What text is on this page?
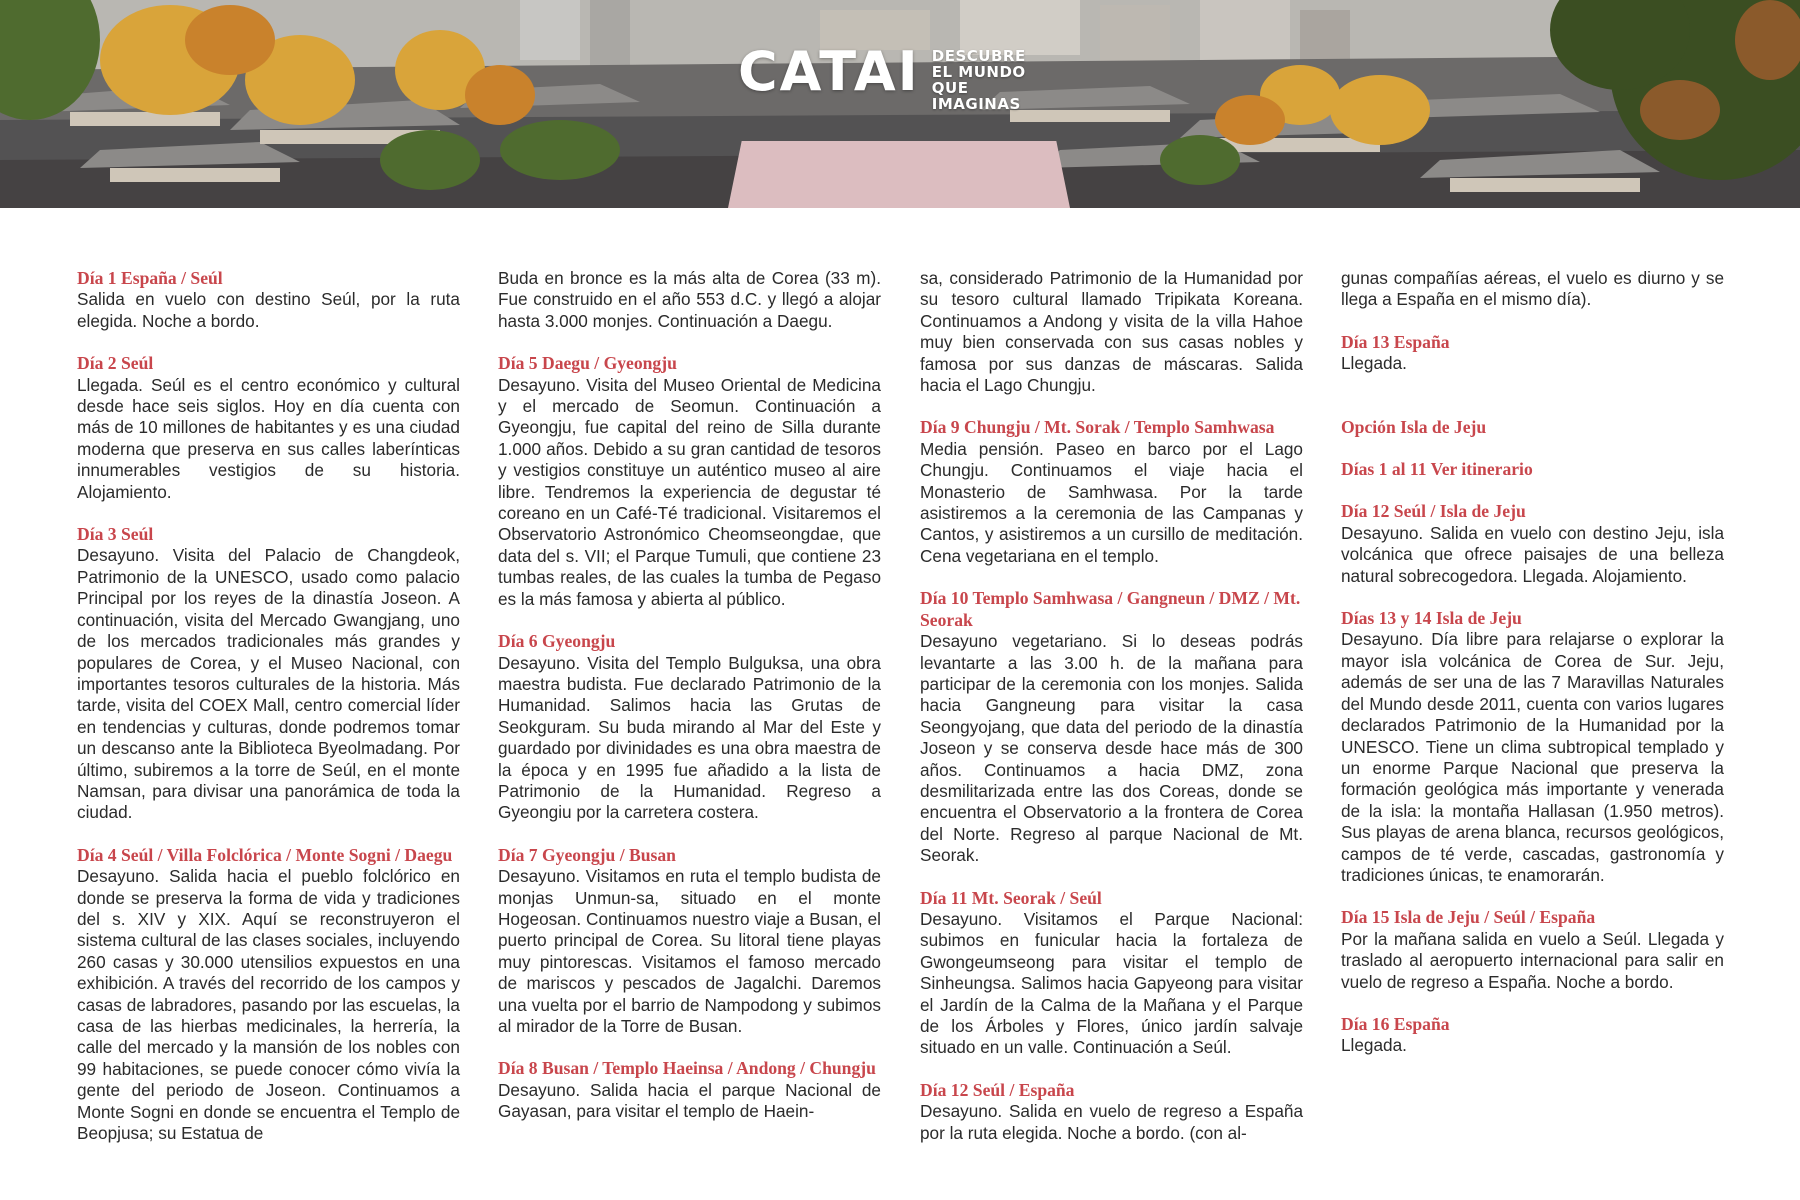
CATAI DESCUBRE EL MUNDO QUE IMAGINAS
Día 1 España / Seúl

Salida en vuelo con destino Seúl, por la ruta elegida. Noche a bordo.

Día 2 Seúl

Llegada. Seúl es el centro económico y cultural desde hace seis siglos. Hoy en día cuenta con más de 10 millones de habitantes y es una ciudad moderna que preserva en sus calles laberínticas innumerables vestigios de su historia. Alojamiento.

Día 3 Seúl

Desayuno. Visita del Palacio de Changdeok, Patrimonio de la UNESCO, usado como palacio Principal por los reyes de la dinastía Joseon. A continuación, visita del Mercado Gwangjang, uno de los mercados tradicionales más grandes y populares de Corea, y el Museo Nacional, con importantes tesoros culturales de la historia. Más tarde, visita del COEX Mall, centro comercial líder en tendencias y culturas, donde podremos tomar un descanso ante la Biblioteca Byeolmadang. Por último, subiremos a la torre de Seúl, en el monte Namsan, para divisar una panorámica de toda la ciudad.

Día 4 Seúl / Villa Folclórica / Monte Sogni / Daegu

Desayuno. Salida hacia el pueblo folclórico en donde se preserva la forma de vida y tradiciones del s. XIV y XIX. Aquí se reconstruyeron el sistema cultural de las clases sociales, incluyendo 260 casas y 30.000 utensilios expuestos en una exhibición. A través del recorrido de los campos y casas de labradores, pasando por las escuelas, la casa de las hierbas medicinales, la herrería, la calle del mercado y la mansión de los nobles con 99 habitaciones, se puede conocer cómo vivía la gente del periodo de Joseon. Continuamos a Monte Sogni en donde se encuentra el Templo de Beopjusa; su Estatua de

Buda en bronce es la más alta de Corea (33 m). Fue construido en el año 553 d.C. y llegó a alojar hasta 3.000 monjes. Continuación a Daegu.

Día 5 Daegu / Gyeongju

Desayuno. Visita del Museo Oriental de Medicina y el mercado de Seomun. Continuación a Gyeongju, fue capital del reino de Silla durante 1.000 años. Debido a su gran cantidad de tesoros y vestigios constituye un auténtico museo al aire libre. Tendremos la experiencia de degustar té coreano en un Café-Té tradicional. Visitaremos el Observatorio Astronómico Cheomseongdae, que data del s. VII; el Parque Tumuli, que contiene 23 tumbas reales, de las cuales la tumba de Pegaso es la más famosa y abierta al público.

Día 6 Gyeongju

Desayuno. Visita del Templo Bulguksa, una obra maestra budista. Fue declarado Patrimonio de la Humanidad. Salimos hacia las Grutas de Seokguram. Su buda mirando al Mar del Este y guardado por divinidades es una obra maestra de la época y en 1995 fue añadido a la lista de Patrimonio de la Humanidad. Regreso a Gyeongiu por la carretera costera.

Día 7 Gyeongju / Busan

Desayuno. Visitamos en ruta el templo budista de monjas Unmun-sa, situado en el monte Hogeosan. Continuamos nuestro viaje a Busan, el puerto principal de Corea. Su litoral tiene playas muy pintorescas. Visitamos el famoso mercado de mariscos y pescados de Jagalchi. Daremos una vuelta por el barrio de Nampodong y subimos al mirador de la Torre de Busan.

Día 8 Busan / Templo Haeinsa / Andong / Chungju

Desayuno. Salida hacia el parque Nacional de Gayasan, para visitar el templo de Haein-

sa, considerado Patrimonio de la Humanidad por su tesoro cultural llamado Tripikata Koreana. Continuamos a Andong y visita de la villa Hahoe muy bien conservada con sus casas nobles y famosa por sus danzas de máscaras. Salida hacia el Lago Chungju.

Día 9 Chungju / Mt. Sorak / Templo Samhwasa

Media pensión. Paseo en barco por el Lago Chungju. Continuamos el viaje hacia el Monasterio de Samhwasa. Por la tarde asistiremos a la ceremonia de las Campanas y Cantos, y asistiremos a un cursillo de meditación. Cena vegetariana en el templo.

Día 10 Templo Samhwasa / Gangneun / DMZ / Mt. Seorak

Desayuno vegetariano. Si lo deseas podrás levantarte a las 3.00 h. de la mañana para participar de la ceremonia con los monjes. Salida hacia Gangneung para visitar la casa Seongyojang, que data del periodo de la dinastía Joseon y se conserva desde hace más de 300 años. Continuamos a hacia DMZ, zona desmilitarizada entre las dos Coreas, donde se encuentra el Observatorio a la frontera de Corea del Norte. Regreso al parque Nacional de Mt. Seorak.

Día 11 Mt. Seorak / Seúl

Desayuno. Visitamos el Parque Nacional: subimos en funicular hacia la fortaleza de Gwongeumseong para visitar el templo de Sinheungsa. Salimos hacia Gapyeong para visitar el Jardín de la Calma de la Mañana y el Parque de los Árboles y Flores, único jardín salvaje situado en un valle. Continuación a Seúl.

Día 12 Seúl / España

Desayuno. Salida en vuelo de regreso a España por la ruta elegida. Noche a bordo. (con al-

gunas compañías aéreas, el vuelo es diurno y se llega a España en el mismo día).

Día 13 España

Llegada.

Opción Isla de Jeju
Días 1 al 11 Ver itinerario
Día 12 Seúl / Isla de Jeju

Desayuno. Salida en vuelo con destino Jeju, isla volcánica que ofrece paisajes de una belleza natural sobrecogedora. Llegada. Alojamiento.

Días 13 y 14 Isla de Jeju

Desayuno. Día libre para relajarse o explorar la mayor isla volcánica de Corea de Sur. Jeju, además de ser una de las 7 Maravillas Naturales del Mundo desde 2011, cuenta con varios lugares declarados Patrimonio de la Humanidad por la UNESCO. Tiene un clima subtropical templado y un enorme Parque Nacional que preserva la formación geológica más importante y venerada de la isla: la montaña Hallasan (1.950 metros). Sus playas de arena blanca, recursos geológicos, campos de té verde, cascadas, gastronomía y tradiciones únicas, te enamorarán.

Día 15 Isla de Jeju / Seúl / España

Por la mañana salida en vuelo a Seúl. Llegada y traslado al aeropuerto internacional para salir en vuelo de regreso a España. Noche a bordo.

Día 16 España

Llegada.
